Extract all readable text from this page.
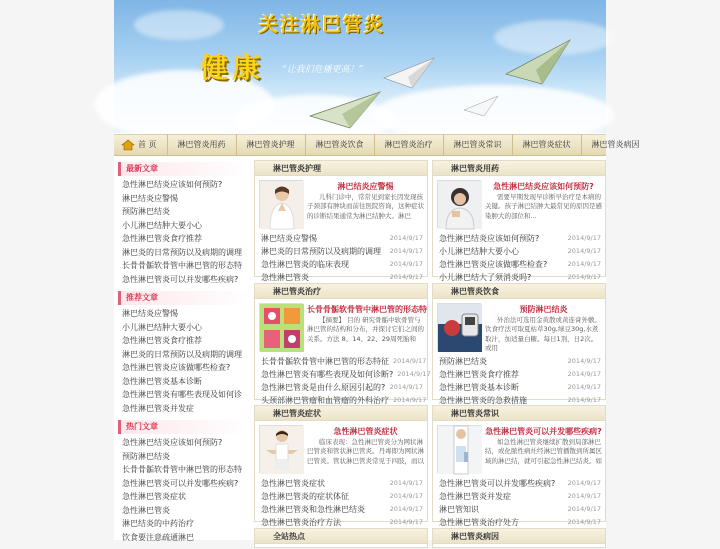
关注淋巴管炎
健康 “让我们危播更高！”
首 页	淋巴管炎用药	淋巴管炎护理	淋巴管炎饮食	淋巴管炎治疗	淋巴管炎常识	淋巴管炎症状	淋巴管炎病因
最新文章
急性淋巴结炎应该如何预防?
淋巴结炎应警惕
预防淋巴结炎
小儿淋巴结肿大要小心
急性淋巴管炎食疗推荐
淋巴炎的日常预防以及病期的调理
长骨骨骺软骨管中淋巴管的形态特
急性淋巴管炎可以并发哪些疾病?
推荐文章
淋巴结炎应警惕
小儿淋巴结肿大要小心
急性淋巴管炎食疗推荐
淋巴炎的日常预防以及病期的调理
急性淋巴管炎应该做哪些检查?
急性淋巴管炎基本诊断
急性淋巴管炎有哪些表现及如何诊
急性淋巴管炎并发症
热门文章
急性淋巴结炎应该如何预防?
预防淋巴结炎
长骨骨骺软骨管中淋巴管的形态特
急性淋巴管炎可以并发哪些疾病?
急性淋巴管炎症状
急性淋巴管炎
淋巴结炎的中药治疗
饮食要注意疏通淋巴
淋巴管炎护理
淋巴结炎应警惕
儿科门诊中，常常见到家长因发现孩子颈部有肿块而前往医院咨询，这种症状的诊断结果通常为淋巴结肿大。淋巴
淋巴结炎应警惕	2014/9/17
淋巴炎的日常预防以及病期的调理 2014/9/17
急性淋巴管炎的临床表现	2014/9/17
急性淋巴管炎	2014/9/17
淋巴管炎用药
急性淋巴结炎应该如何预防?
需要早期发现早诊断早治疗是本病的关键。孩子淋巴结肿大最常见的原因是感染肿大的部位和...
急性淋巴结炎应该如何预防?	2014/9/17
小儿淋巴结肿大要小心	2014/9/17
急性淋巴管炎应该做哪些检查?	2014/9/17
小儿淋巴结大了须消炎吗?	2014/9/17
淋巴管炎治疗
长骨骨骺软骨管中淋巴管的形态特
【摘要】 目的 研究骨骺中软骨管与淋巴管的结构和分布，并探讨它们之间的关系。方法 8、14、22、29周死胎和
长骨骨骺软骨管中淋巴管的形态特征 2014/9/17
急性淋巴管炎有哪些表现及如何诊断? 2014/9/17
急性淋巴管炎是由什么原因引起的? 2014/9/17
头颈部淋巴管瘤和血管瘤的外科治疗 2014/9/17
淋巴管炎饮食
预防淋巴结炎
外治法可选用金黄散或黄连膏外敷。饮食疗法可取夏枯草30g,绿豆30g,水煮取汁，加适量白糖。每日1剂，日2次。或用
预防淋巴结炎	2014/9/17
急性淋巴管炎食疗推荐	2014/9/17
急性淋巴管炎基本诊断	2014/9/17
急性淋巴管炎的急救措施	2014/9/17
淋巴管炎症状
急性淋巴管炎症状
临床表现：急性淋巴管炎分为网状淋巴管炎和管状淋巴管炎。丹毒即为网状淋巴管炎。管状淋巴管炎常见于四肢，而以
急性淋巴管炎症状	2014/9/17
急性淋巴管炎的症状体征	2014/9/17
急性淋巴管炎和急性淋巴结炎	2014/9/17
急性淋巴管炎治疗方法	2014/9/17
淋巴管炎常识
急性淋巴管炎可以并发哪些疾病?
如急性淋巴管炎继续扩散到局部淋巴结，或化脓性病灶经淋巴管播散到所属区域的淋巴结，就可引起急性淋巴结炎。如
急性淋巴管炎可以并发哪些疾病? 2014/9/17
急性淋巴管炎并发症	2014/9/17
淋巴管知识	2014/9/17
急性淋巴管炎治疗处方	2014/9/17
全站热点	淋巴管炎病因
